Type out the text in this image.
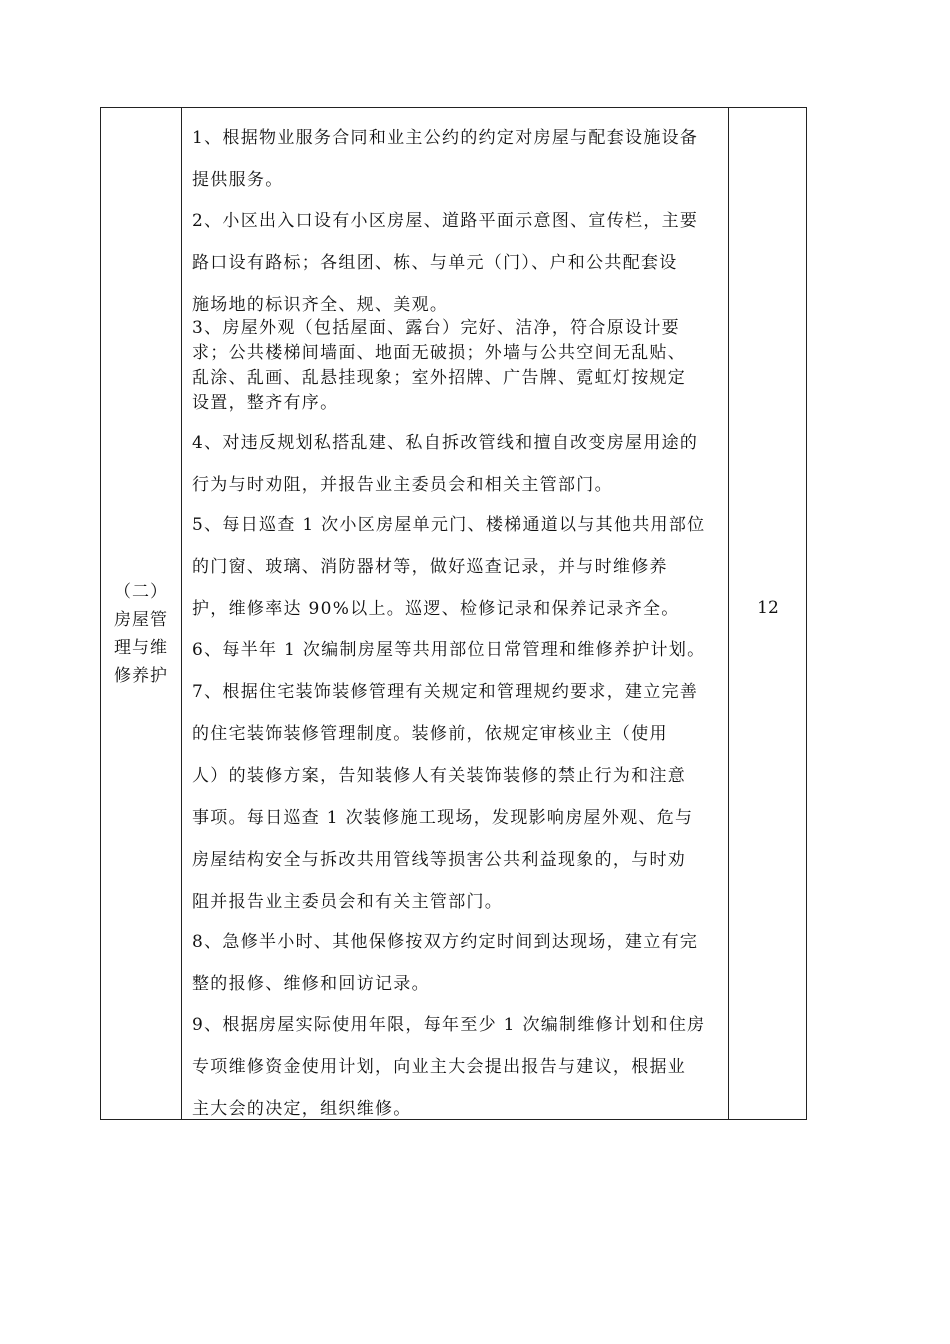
（二）
房屋管
理与维
修养护
1、根据物业服务合同和业主公约的约定对房屋与配套设施设备
提供服务。
2、小区出入口设有小区房屋、道路平面示意图、宣传栏，主要
路口设有路标；各组团、栋、与单元（门）、户和公共配套设
施场地的标识齐全、规、美观。
3、房屋外观（包括屋面、露台）完好、洁净，符合原设计要
求；公共楼梯间墙面、地面无破损；外墙与公共空间无乱贴、
乱涂、乱画、乱悬挂现象；室外招牌、广告牌、霓虹灯按规定
设置，整齐有序。
4、对违反规划私搭乱建、私自拆改管线和擅自改变房屋用途的
行为与时劝阻，并报告业主委员会和相关主管部门。
5、每日巡查 1 次小区房屋单元门、楼梯通道以与其他共用部位
的门窗、玻璃、消防器材等，做好巡查记录，并与时维修养
护，维修率达 90%以上。巡逻、检修记录和保养记录齐全。
6、每半年 1 次编制房屋等共用部位日常管理和维修养护计划。
7、根据住宅装饰装修管理有关规定和管理规约要求，建立完善
的住宅装饰装修管理制度。装修前，依规定审核业主（使用
人）的装修方案，告知装修人有关装饰装修的禁止行为和注意
事项。每日巡查 1 次装修施工现场，发现影响房屋外观、危与
房屋结构安全与拆改共用管线等损害公共利益现象的，与时劝
阻并报告业主委员会和有关主管部门。
8、急修半小时、其他保修按双方约定时间到达现场，建立有完
整的报修、维修和回访记录。
9、根据房屋实际使用年限，每年至少 1 次编制维修计划和住房
专项维修资金使用计划，向业主大会提出报告与建议，根据业
主大会的决定，组织维修。
12
